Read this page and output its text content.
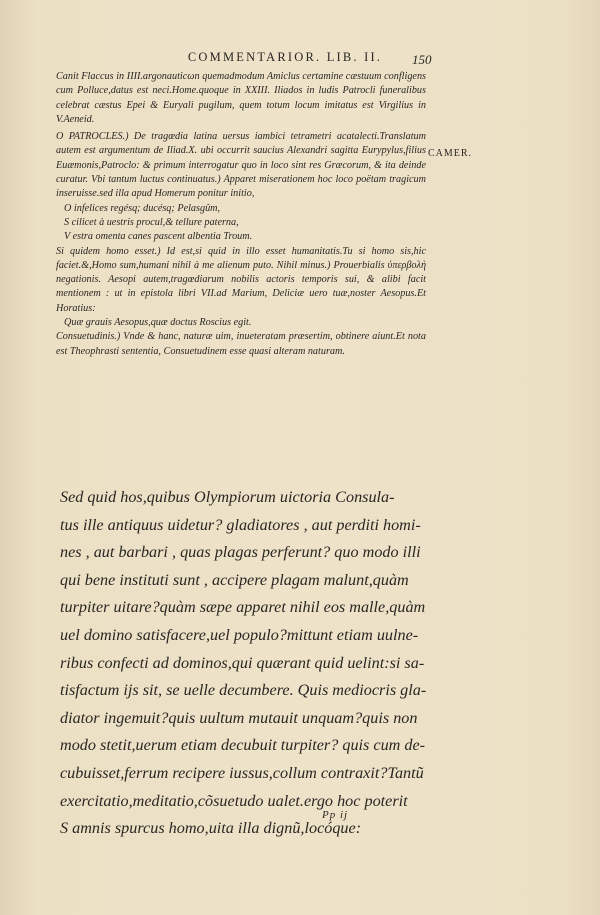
COMMENTARIOR. LIB. II.	150
CAMER.

Canit Flaccus in IIII.argonauticωn quemadmodum Amiclus certamine cæstuum confligens cum Polluce,datus est neci.Home.quoque in XXIII. Iliados in ludis Patrocli funeralibus celebrat cæstus Epei & Euryali pugilum, quem totum locum imitatus est Virgilius in V.Aeneid.

O PATROCLES.) De tragœdia latina uersus iambici tetrametri acatalecti.Translatum autem est argumentum de Iliad.X. ubi occurrit saucius Alexandri sagitta Eurypylus,filius Euæmonis,Patroclo: & primum interrogatur quo in loco sint res Græcorum, & ita deinde curatur. Vbi tantum luctus continuatus.) Apparet miserationem hoc loco poëtam tragicum inseruisse.sed illa apud Homerum ponitur initio,

O infelices regésq; ducésq; Pelasgûm,
S cilicet à uestris procul,& tellure paterna,
V estra omenta canes pascent albentia Troum.

Si quidem homo esset.) Id est,si quid in illo esset humanitatis.Tu si homo sis,hic faciet.&,Homo sum,humani nihil à me alienum puto. Nihil minus.) Prouerbialis ὑπερβολὴ negationis. Aesopi autem,tragœdiarum nobilis actoris temporis sui, & alibi facit mentionem : ut in epistola libri VII.ad Marium, Deliciæ uero tuæ,noster Aesopus.Et Horatius:

Quæ grauis Aesopus,quæ doctus Roscius egit.

Consuetudinis.) Vnde & hanc, naturæ uim, inueteratam præsertim, obtinere aiunt.Et nota est Theophrasti sententia, Consuetudinem esse quasi alteram naturam.

Sed quid hos,quibus Olympiorum uictoria Consula-
tus ille antiquus uidetur? gladiatores , aut perditi homi-
nes , aut barbari , quas plagas perferunt? quo modo illi
qui bene instituti sunt , accipere plagam malunt,quàm
turpiter uitare?quàm sæpe apparet nihil eos malle,quàm
uel domino satisfacere,uel populo?mittunt etiam uulne-
ribus confecti ad dominos,qui quærant quid uelint:si sa-
tisfactum ijs sit, se uelle decumbere. Quis mediocris gla-
diator ingemuit?quis uultum mutauit unquam?quis non
modo stetit,uerum etiam decubuit turpiter? quis cum de-
cubuisset,ferrum recipere iussus,collum contraxit?Tantũ
exercitatio,meditatio,cõsuetudo ualet.ergo hoc poterit
S amnis spurcus homo,uita illa dignũ,locóque:
Pp ij
